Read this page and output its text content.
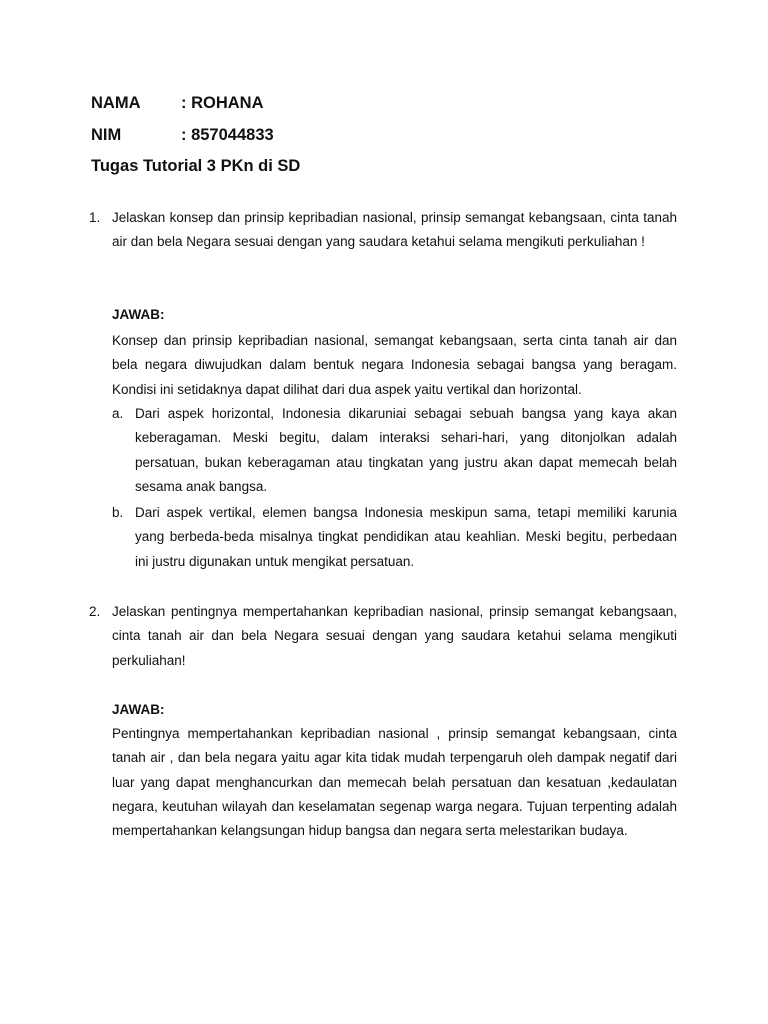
NAMA : ROHANA
NIM	: 857044833
Tugas Tutorial 3 PKn di SD
1. Jelaskan konsep dan prinsip kepribadian nasional, prinsip semangat kebangsaan, cinta tanah air dan bela Negara sesuai dengan yang saudara ketahui selama mengikuti perkuliahan !
JAWAB:
Konsep dan prinsip kepribadian nasional, semangat kebangsaan, serta cinta tanah air dan bela negara diwujudkan dalam bentuk negara Indonesia sebagai bangsa yang beragam. Kondisi ini setidaknya dapat dilihat dari dua aspek yaitu vertikal dan horizontal.
a. Dari aspek horizontal, Indonesia dikaruniai sebagai sebuah bangsa yang kaya akan keberagaman. Meski begitu, dalam interaksi sehari-hari, yang ditonjolkan adalah persatuan, bukan keberagaman atau tingkatan yang justru akan dapat memecah belah sesama anak bangsa.
b. Dari aspek vertikal, elemen bangsa Indonesia meskipun sama, tetapi memiliki karunia yang berbeda-beda misalnya tingkat pendidikan atau keahlian. Meski begitu, perbedaan ini justru digunakan untuk mengikat persatuan.
2. Jelaskan pentingnya mempertahankan kepribadian nasional, prinsip semangat kebangsaan, cinta tanah air dan bela Negara sesuai dengan yang saudara ketahui selama mengikuti perkuliahan!
JAWAB:
Pentingnya mempertahankan kepribadian nasional , prinsip semangat kebangsaan, cinta tanah air , dan bela negara yaitu agar kita tidak mudah terpengaruh oleh dampak negatif dari luar yang dapat menghancurkan dan memecah belah persatuan dan kesatuan ,kedaulatan negara, keutuhan wilayah dan keselamatan segenap warga negara. Tujuan terpenting adalah mempertahankan kelangsungan hidup bangsa dan negara serta melestarikan budaya.
